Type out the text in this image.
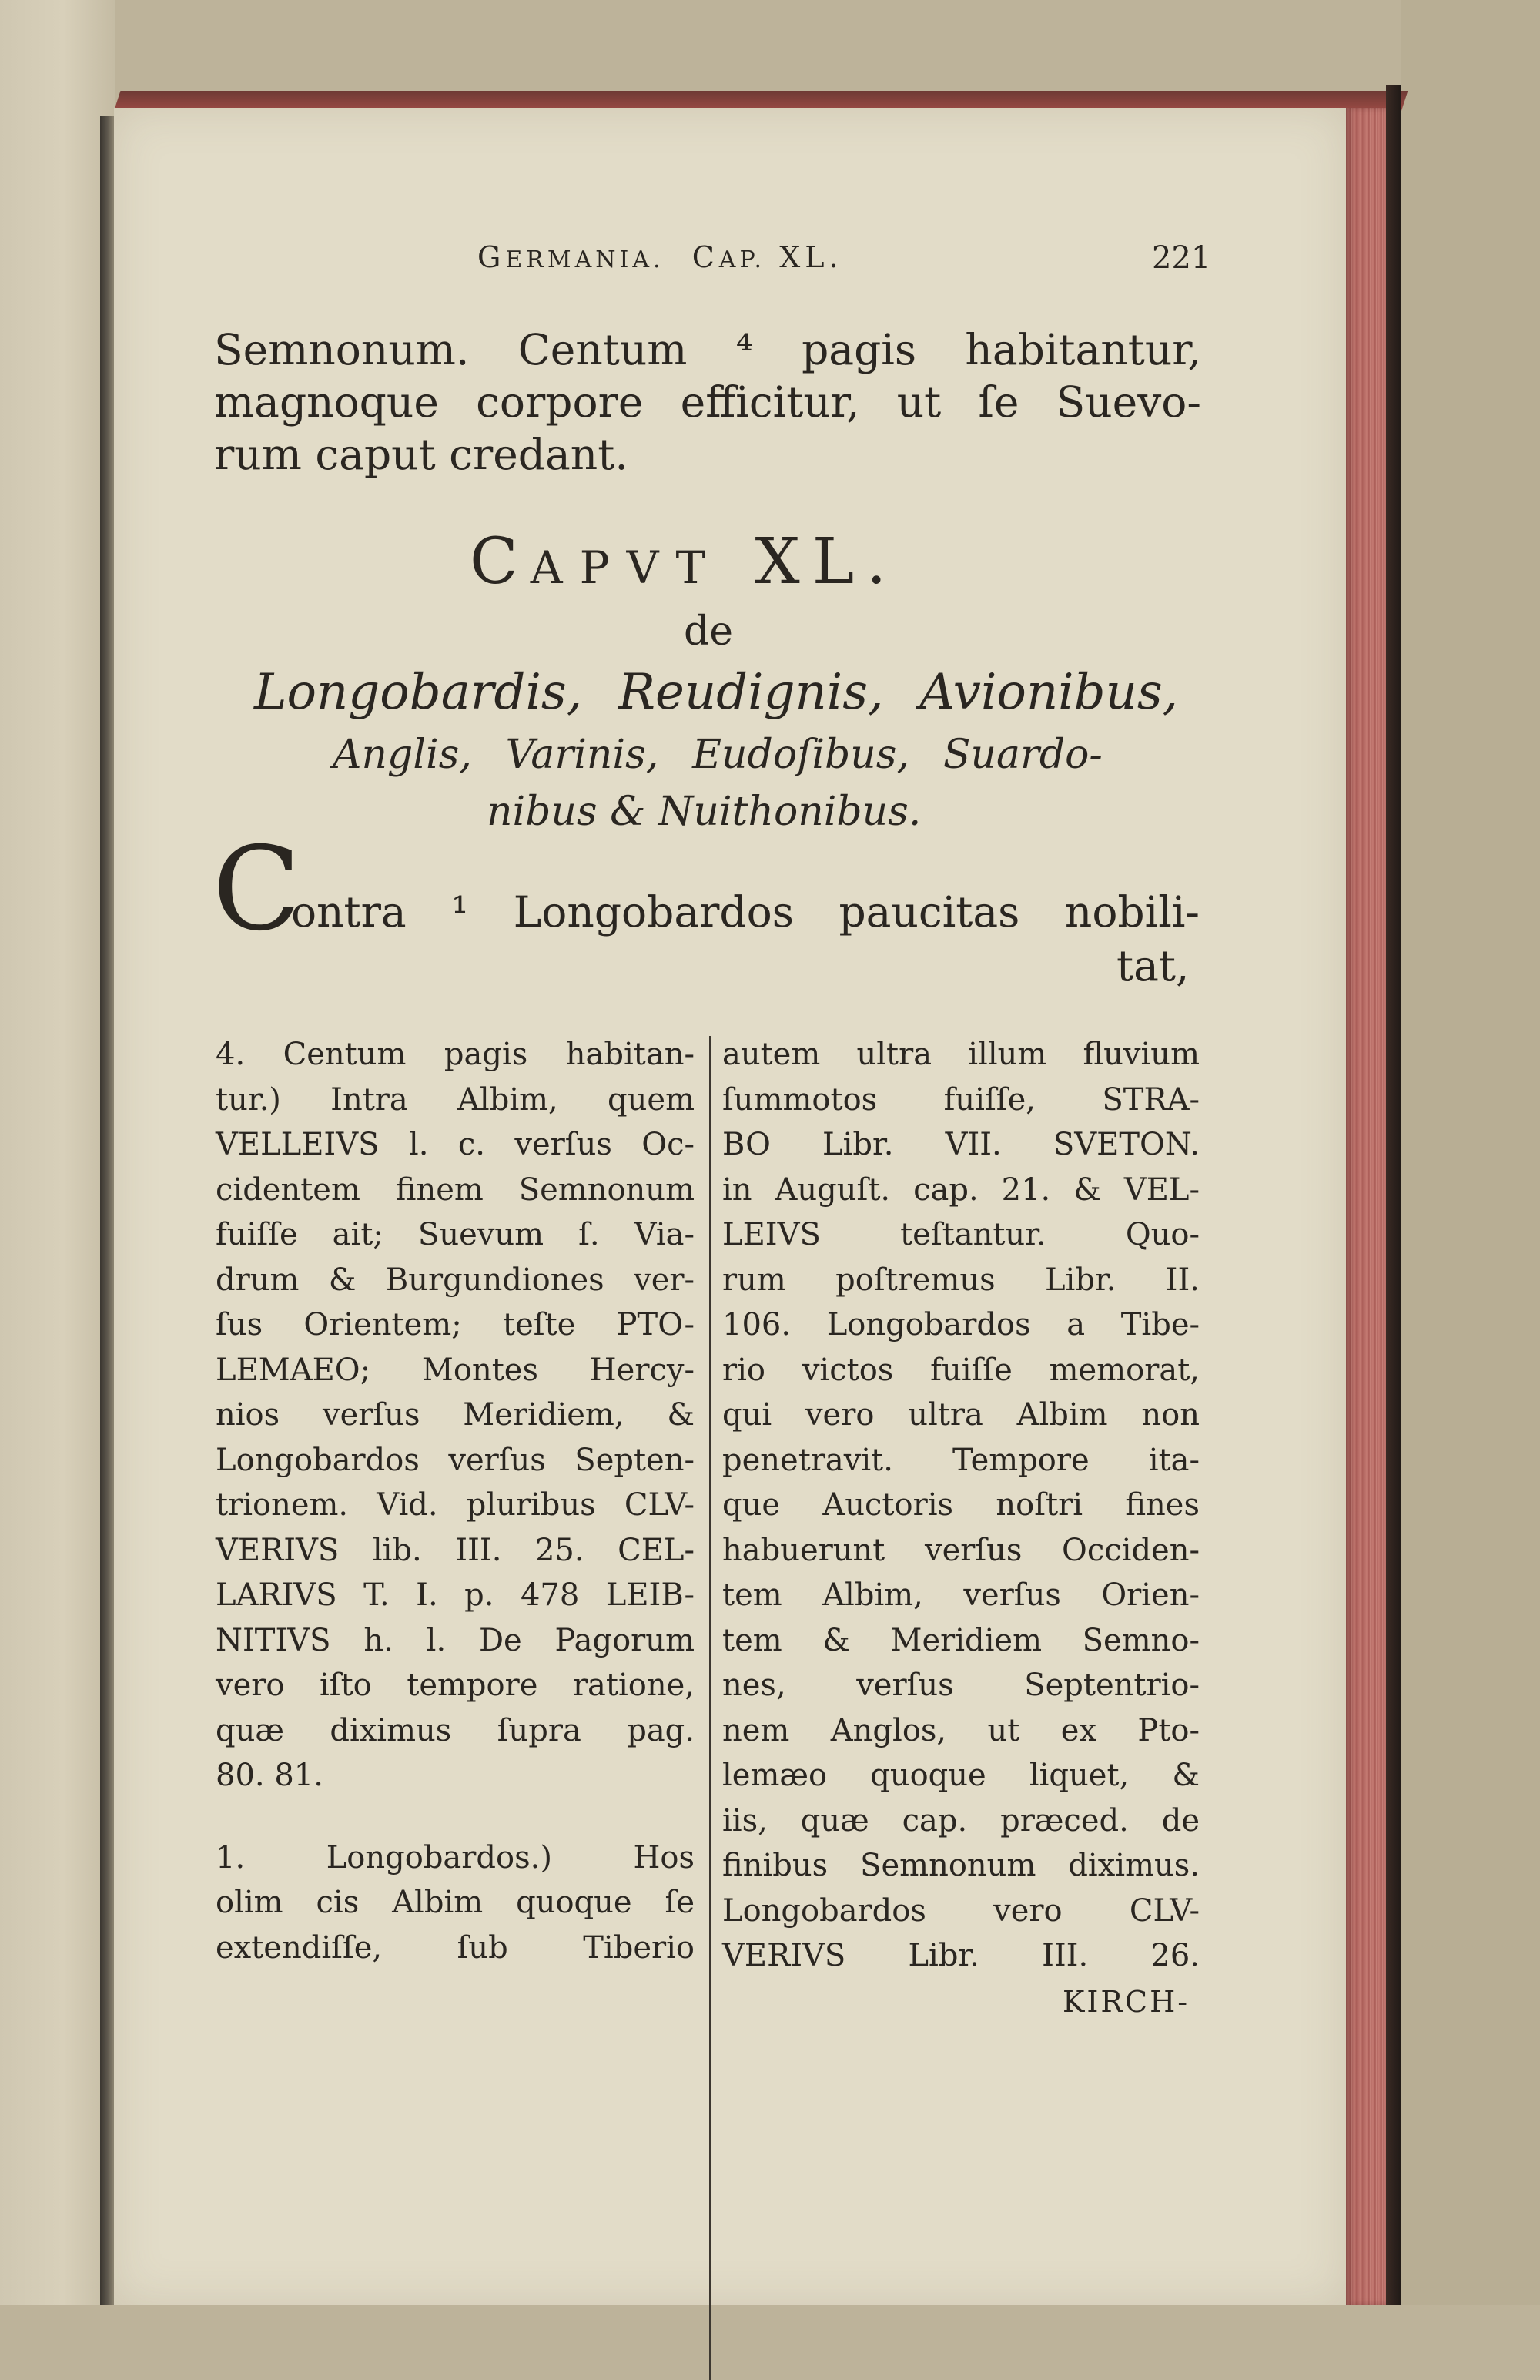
GERMANIA. CAP. XL.	221
Semnonum. Centum ⁴ pagis habitantur,
magnoque corpore efficitur, ut ſe Suevo-
rum caput credant.
CAPVT XL.
de
Longobardis, Reudignis, Avionibus,
Anglis, Varinis, Eudoſibus, Suardo-
nibus & Nuithonibus.
C
ontra ¹ Longobardos paucitas nobili-
tat,
4. Centum pagis habitan-
tur.) Intra Albim, quem
VELLEIVS l. c. verſus Oc-
cidentem finem Semnonum
fuiſſe ait; Suevum ſ. Via-
drum & Burgundiones ver-
ſus Orientem; teſte PTO-
LEMAEO; Montes Hercy-
nios verſus Meridiem, &
Longobardos verſus Septen-
trionem. Vid. pluribus CLV-
VERIVS lib. III. 25. CEL-
LARIVS T. I. p. 478 LEIB-
NITIVS h. l. De Pagorum
vero iſto tempore ratione,
quæ diximus ſupra pag.
80. 81.
1. Longobardos.) Hos
olim cis Albim quoque ſe
extendiſſe, ſub Tiberio
autem ultra illum fluvium
ſummotos fuiſſe, STRA-
BO Libr. VII. SVETON.
in Auguſt. cap. 21. & VEL-
LEIVS teſtantur. Quo-
rum poſtremus Libr. II.
106. Longobardos a Tibe-
rio victos fuiſſe memorat,
qui vero ultra Albim non
penetravit. Tempore ita-
que Auctoris noſtri fines
habuerunt verſus Occiden-
tem Albim, verſus Orien-
tem & Meridiem Semno-
nes, verſus Septentrio-
nem Anglos, ut ex Pto-
lemæo quoque liquet, &
iis, quæ cap. præced. de
finibus Semnonum diximus.
Longobardos vero CLV-
VERIVS Libr. III. 26.
KIRCH-
